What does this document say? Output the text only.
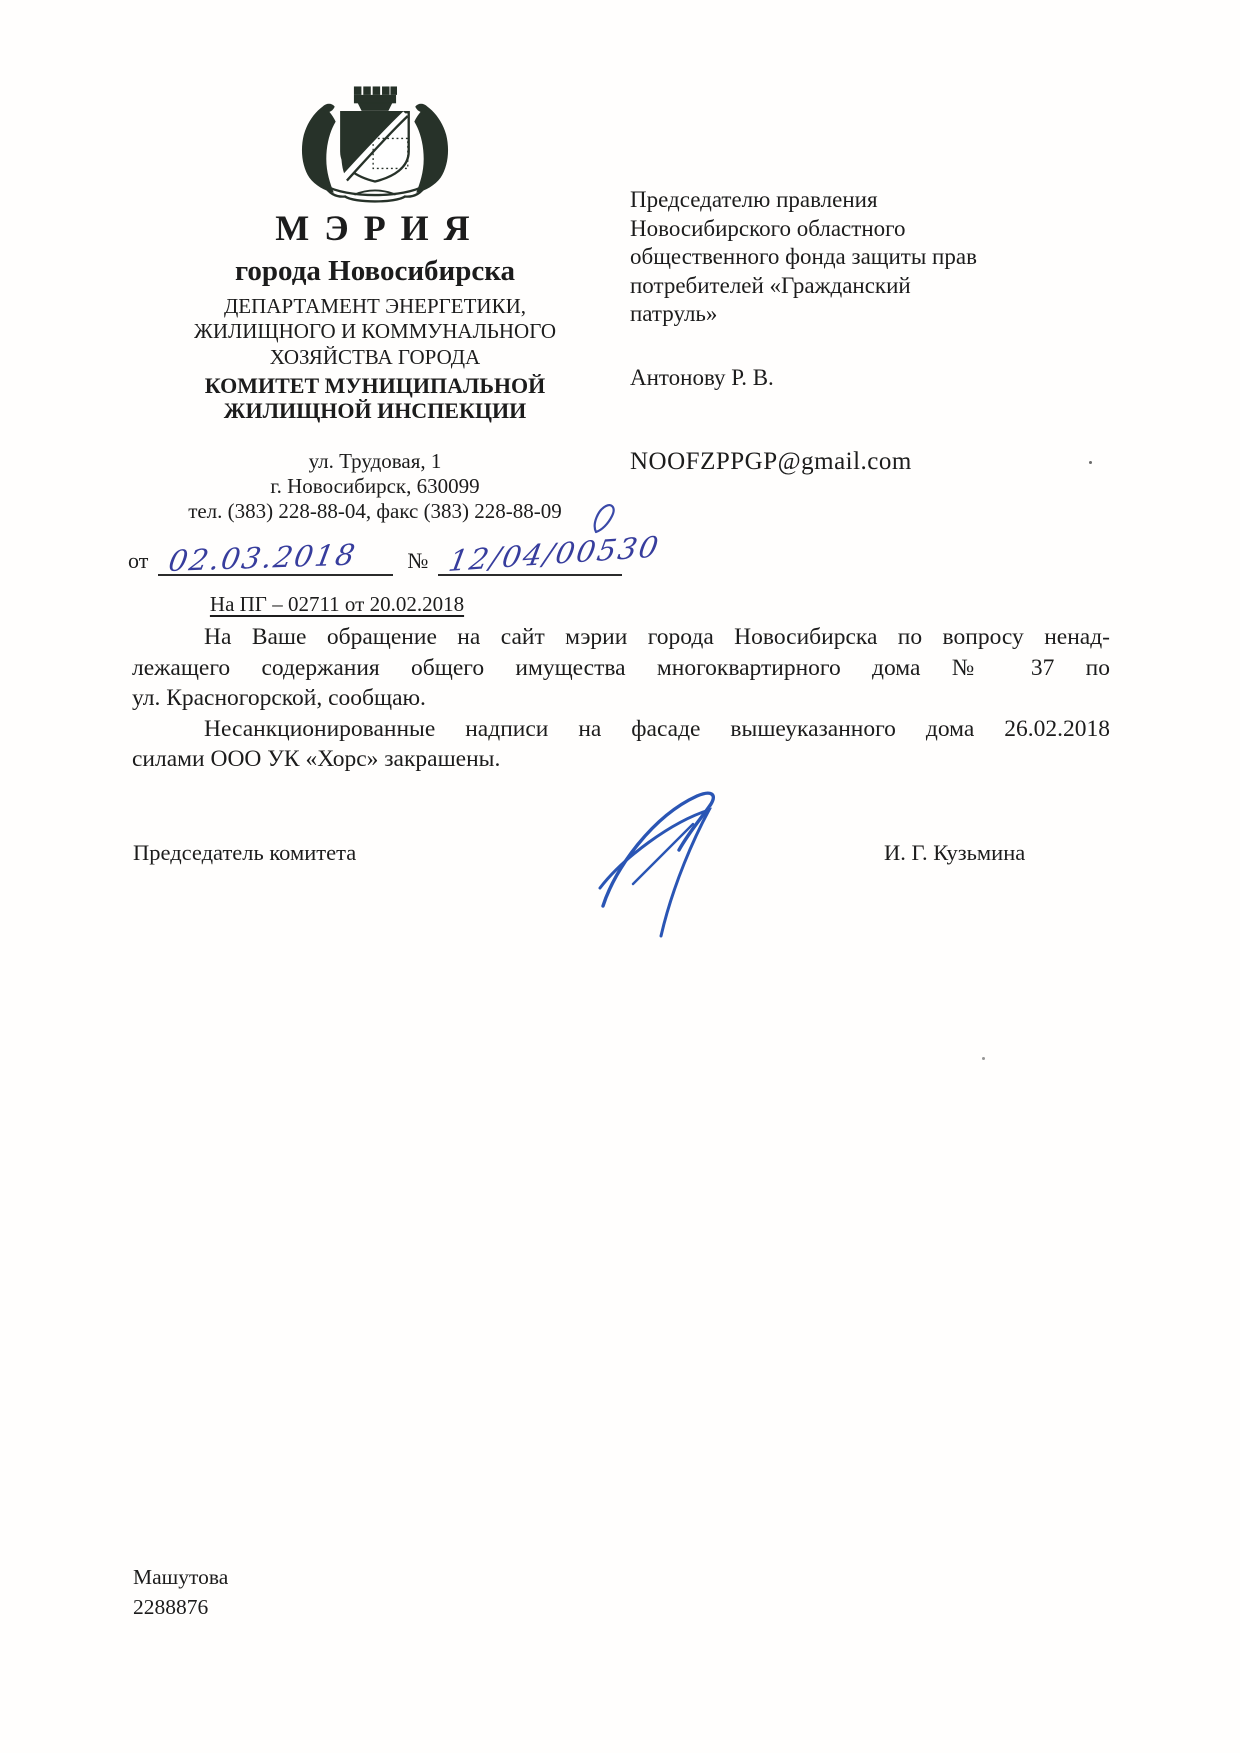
МЭРИЯ
города Новосибирска
ДЕПАРТАМЕНТ ЭНЕРГЕТИКИ,
ЖИЛИЩНОГО И КОММУНАЛЬНОГО
ХОЗЯЙСТВА ГОРОДА
КОМИТЕТ МУНИЦИПАЛЬНОЙ
ЖИЛИЩНОЙ ИНСПЕКЦИИ
ул. Трудовая, 1
г. Новосибирск, 630099
тел. (383) 228-88-04, факс (383) 228-88-09
от 02.03.2018 № 12/04/00530
На ПГ – 02711 от 20.02.2018
Председателю правления
Новосибирского областного
общественного фонда защиты прав
потребителей «Гражданский
патруль»
Антонову Р. В.
NOOFZPPGP@gmail.com
На Ваше обращение на сайт мэрии города Новосибирска по вопросу ненад-
лежащего содержания общего имущества многоквартирного дома № 37 по
ул. Красногорской, сообщаю.
Несанкционированные надписи на фасаде вышеуказанного дома 26.02.2018
силами ООО УК «Хорс» закрашены.
Председатель комитета	И. Г. Кузьмина
Машутова
2288876
